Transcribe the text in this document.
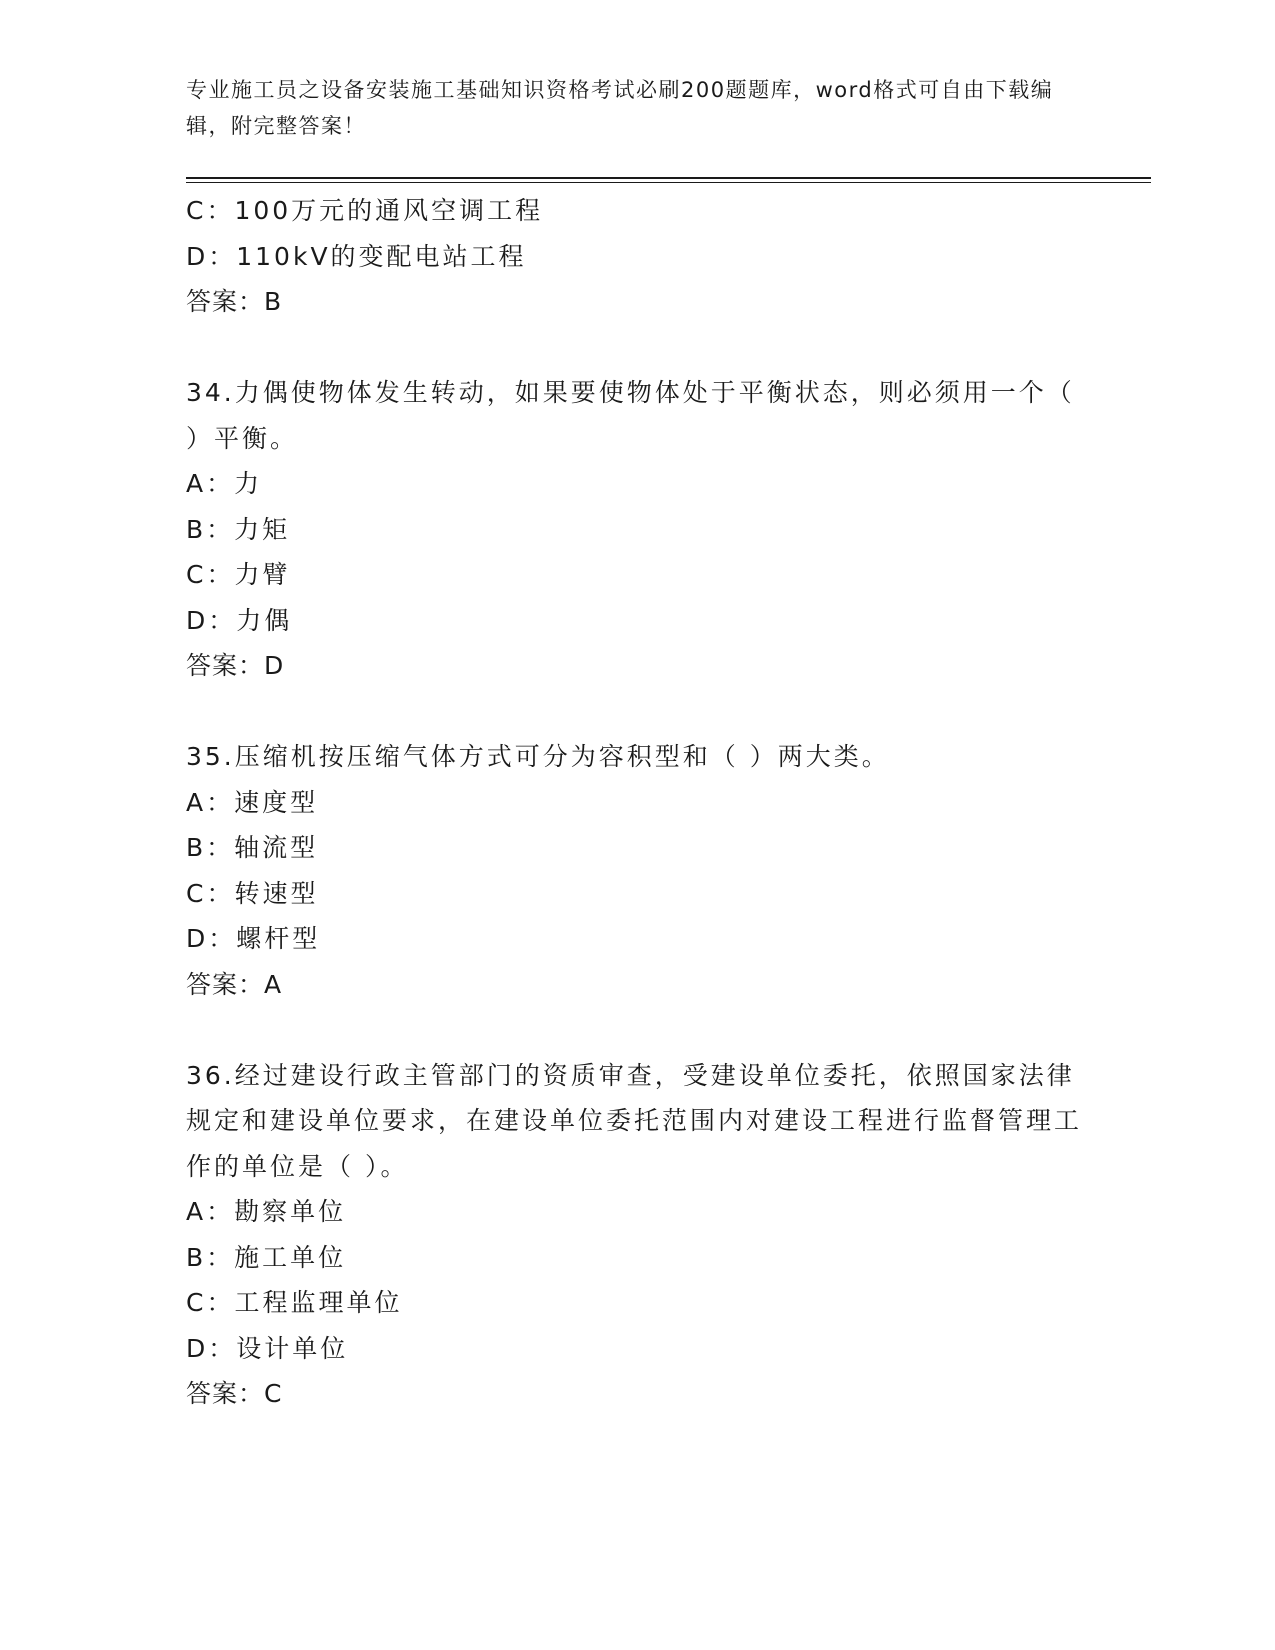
专业施工员之设备安装施工基础知识资格考试必刷200题题库，word格式可自由下载编辑，附完整答案！
C：100万元的通风空调工程
D：110kV的变配电站工程
答案：B
34.力偶使物体发生转动，如果要使物体处于平衡状态，则必须用一个（ ）平衡。
A：力
B：力矩
C：力臂
D：力偶
答案：D
35.压缩机按压缩气体方式可分为容积型和（ ）两大类。
A：速度型
B：轴流型
C：转速型
D：螺杆型
答案：A
36.经过建设行政主管部门的资质审查，受建设单位委托，依照国家法律规定和建设单位要求，在建设单位委托范围内对建设工程进行监督管理工作的单位是（ ）。
A：勘察单位
B：施工单位
C：工程监理单位
D：设计单位
答案：C
